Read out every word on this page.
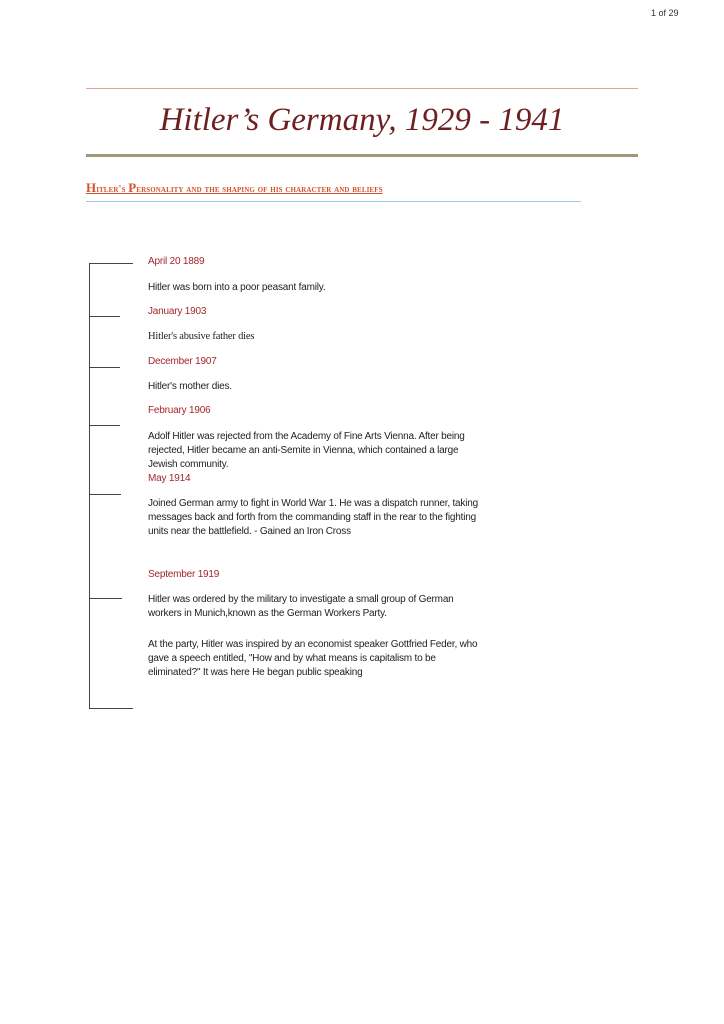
1 of 29
Hitler’s Germany, 1929 - 1941
Hitler's Personality and the shaping of his character and beliefs
April 20 1889
Hitler was born into a poor peasant family.
January 1903
Hitler's abusive father dies
December 1907
Hitler's mother dies.
February 1906
Adolf Hitler was rejected from the Academy of Fine Arts Vienna. After being rejected, Hitler became an anti-Semite in Vienna, which contained a large Jewish community.
May 1914
Joined German army to fight in World War 1. He was a dispatch runner, taking messages back and forth from the commanding staff in the rear to the fighting units near the battlefield. - Gained an Iron Cross
September 1919
Hitler was ordered by the military to investigate a small group of German workers in Munich,known as the German Workers Party.
At the party, Hitler was inspired by an economist speaker Gottfried Feder, who gave a speech entitled, "How and by what means is capitalism to be eliminated?" It was here He began public speaking
